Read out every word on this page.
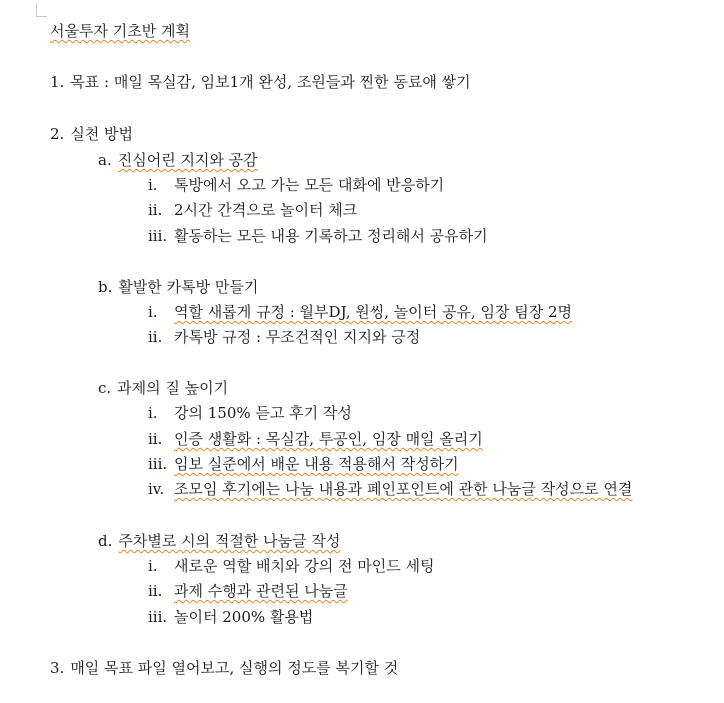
서울투자 기초반 계획
1. 목표 : 매일 목실감, 임보1개 완성, 조원들과 찐한 동료애 쌓기
2. 실천 방법
a. 진심어린 지지와 공감
i. 톡방에서 오고 가는 모든 대화에 반응하기
ii. 2시간 간격으로 놀이터 체크
iii. 활동하는 모든 내용 기록하고 정리해서 공유하기
b. 활발한 카톡방 만들기
i. 역할 새롭게 규정 : 월부DJ, 원씽, 놀이터 공유, 임장 팀장 2명
ii. 카톡방 규정 : 무조건적인 지지와 긍정
c. 과제의 질 높이기
i. 강의 150% 듣고 후기 작성
ii. 인증 생활화 : 목실감, 투공인, 임장 매일 올리기
iii. 임보 실준에서 배운 내용 적용해서 작성하기
iv. 조모임 후기에는 나눔 내용과 페인포인트에 관한 나눔글 작성으로 연결
d. 주차별로 시의 적절한 나눔글 작성
i. 새로운 역할 배치와 강의 전 마인드 세팅
ii. 과제 수행과 관련된 나눔글
iii. 놀이터 200% 활용법
3. 매일 목표 파일 열어보고, 실행의 정도를 복기할 것
